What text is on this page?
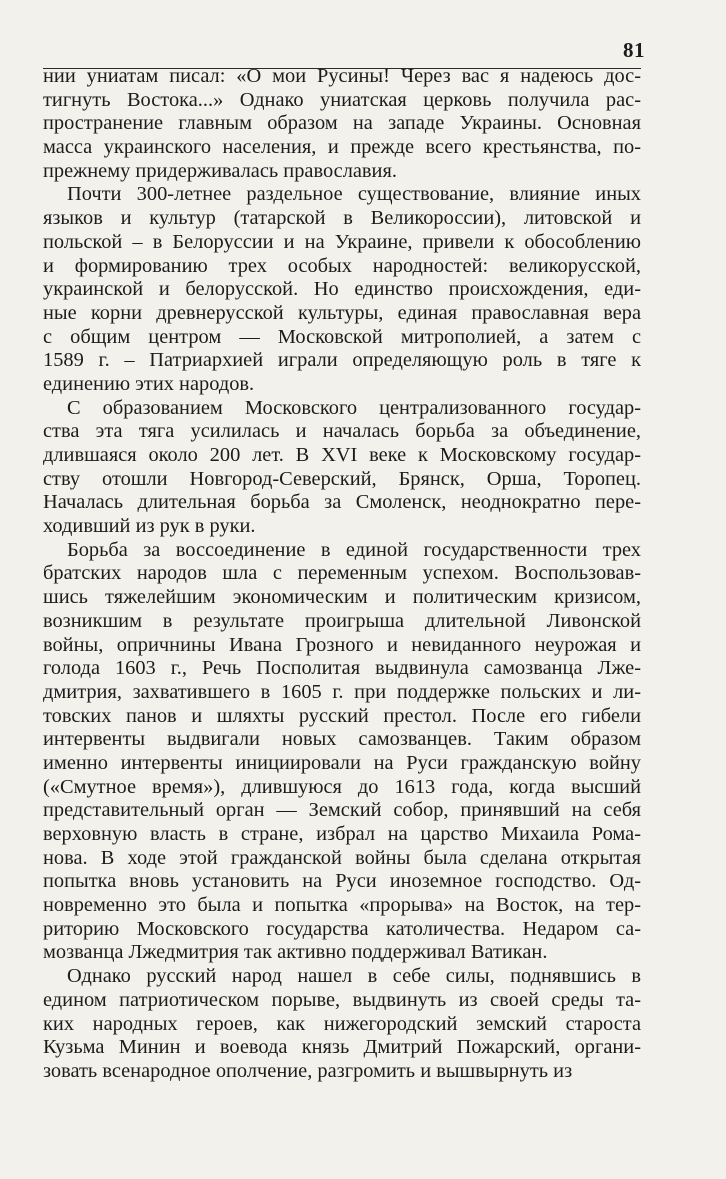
81
нии униатам писал: «О мои Русины! Через вас я надеюсь дос-
тигнуть Востока...» Однако униатская церковь получила рас-
пространение главным образом на западе Украины. Основная
масса украинского населения, и прежде всего крестьянства, по-
прежнему придерживалась православия.
Почти 300-летнее раздельное существование, влияние иных
языков и культур (татарской в Великороссии), литовской и
польской – в Белоруссии и на Украине, привели к обособлению
и формированию трех особых народностей: великорусской,
украинской и белорусской. Но единство происхождения, еди-
ные корни древнерусской культуры, единая православная вера
с общим центром — Московской митрополией, а затем с
1589 г. – Патриархией играли определяющую роль в тяге к
единению этих народов.
С образованием Московского централизованного государ-
ства эта тяга усилилась и началась борьба за объединение,
длившаяся около 200 лет. В XVI веке к Московскому государ-
ству отошли Новгород-Северский, Брянск, Орша, Торопец.
Началась длительная борьба за Смоленск, неоднократно пере-
ходивший из рук в руки.
Борьба за воссоединение в единой государственности трех
братских народов шла с переменным успехом. Воспользовав-
шись тяжелейшим экономическим и политическим кризисом,
возникшим в результате проигрыша длительной Ливонской
войны, опричнины Ивана Грозного и невиданного неурожая и
голода 1603 г., Речь Посполитая выдвинула самозванца Лже-
дмитрия, захватившего в 1605 г. при поддержке польских и ли-
товских панов и шляхты русский престол. После его гибели
интервенты выдвигали новых самозванцев. Таким образом
именно интервенты инициировали на Руси гражданскую войну
(«Смутное время»), длившуюся до 1613 года, когда высший
представительный орган — Земский собор, принявший на себя
верховную власть в стране, избрал на царство Михаила Рома-
нова. В ходе этой гражданской войны была сделана открытая
попытка вновь установить на Руси иноземное господство. Од-
новременно это была и попытка «прорыва» на Восток, на тер-
риторию Московского государства католичества. Недаром са-
мозванца Лжедмитрия так активно поддерживал Ватикан.
Однако русский народ нашел в себе силы, поднявшись в
едином патриотическом порыве, выдвинуть из своей среды та-
ких народных героев, как нижегородский земский староста
Кузьма Минин и воевода князь Дмитрий Пожарский, органи-
зовать всенародное ополчение, разгромить и вышвырнуть из
